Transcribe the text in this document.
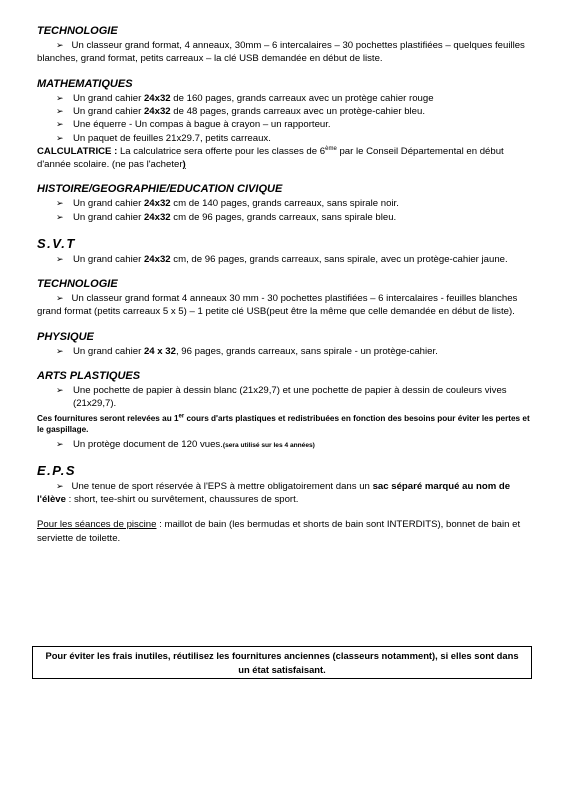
TECHNOLOGIE

➢ Un classeur grand format, 4 anneaux, 30mm – 6 intercalaires – 30 pochettes plastifiées – quelques feuilles blanches, grand format, petits carreaux – la clé USB demandée en début de liste.

MATHEMATIQUES

➢ Un grand cahier 24x32 de 160 pages, grands carreaux avec un protège cahier rouge

➢ Un grand cahier 24x32 de 48 pages, grands carreaux avec un protège-cahier bleu.

➢ Une équerre - Un compas à bague à crayon – un rapporteur.

➢ Un paquet de feuilles 21x29.7, petits carreaux.

CALCULATRICE : La calculatrice sera offerte pour les classes de 6ème par le Conseil Départemental en début d'année scolaire. (ne pas l'acheter)

HISTOIRE/GEOGRAPHIE/EDUCATION CIVIQUE

➢ Un grand cahier 24x32 cm de 140 pages, grands carreaux, sans spirale noir.

➢ Un grand cahier 24x32 cm de 96 pages, grands carreaux, sans spirale bleu.

S.V.T

➢ Un grand cahier 24x32 cm, de 96 pages, grands carreaux, sans spirale, avec un protège-cahier jaune.

TECHNOLOGIE

➢ Un classeur grand format 4 anneaux 30 mm - 30 pochettes plastifiées – 6 intercalaires - feuilles blanches grand format (petits carreaux 5 x 5) – 1 petite clé USB(peut être la même que celle demandée en début de liste).

PHYSIQUE

➢ Un grand cahier 24 x 32, 96 pages, grands carreaux, sans spirale - un protège-cahier.

ARTS PLASTIQUES

➢ Une pochette de papier à dessin blanc (21x29,7) et une pochette de papier à dessin de couleurs vives (21x29,7).

Ces fournitures seront relevées au 1er cours d'arts plastiques et redistribuées en fonction des besoins pour éviter les pertes et le gaspillage.

➢ Un protège document de 120 vues.(sera utilisé sur les 4 années)

E.P.S

➢ Une tenue de sport réservée à l'EPS à mettre obligatoirement dans un sac séparé marqué au nom de l'élève : short, tee-shirt ou survêtement, chaussures de sport.

Pour les séances de piscine : maillot de bain (les bermudas et shorts de bain sont INTERDITS), bonnet de bain et serviette de toilette.

Pour éviter les frais inutiles, réutilisez les fournitures anciennes (classeurs notamment), si elles sont dans un état satisfaisant.
